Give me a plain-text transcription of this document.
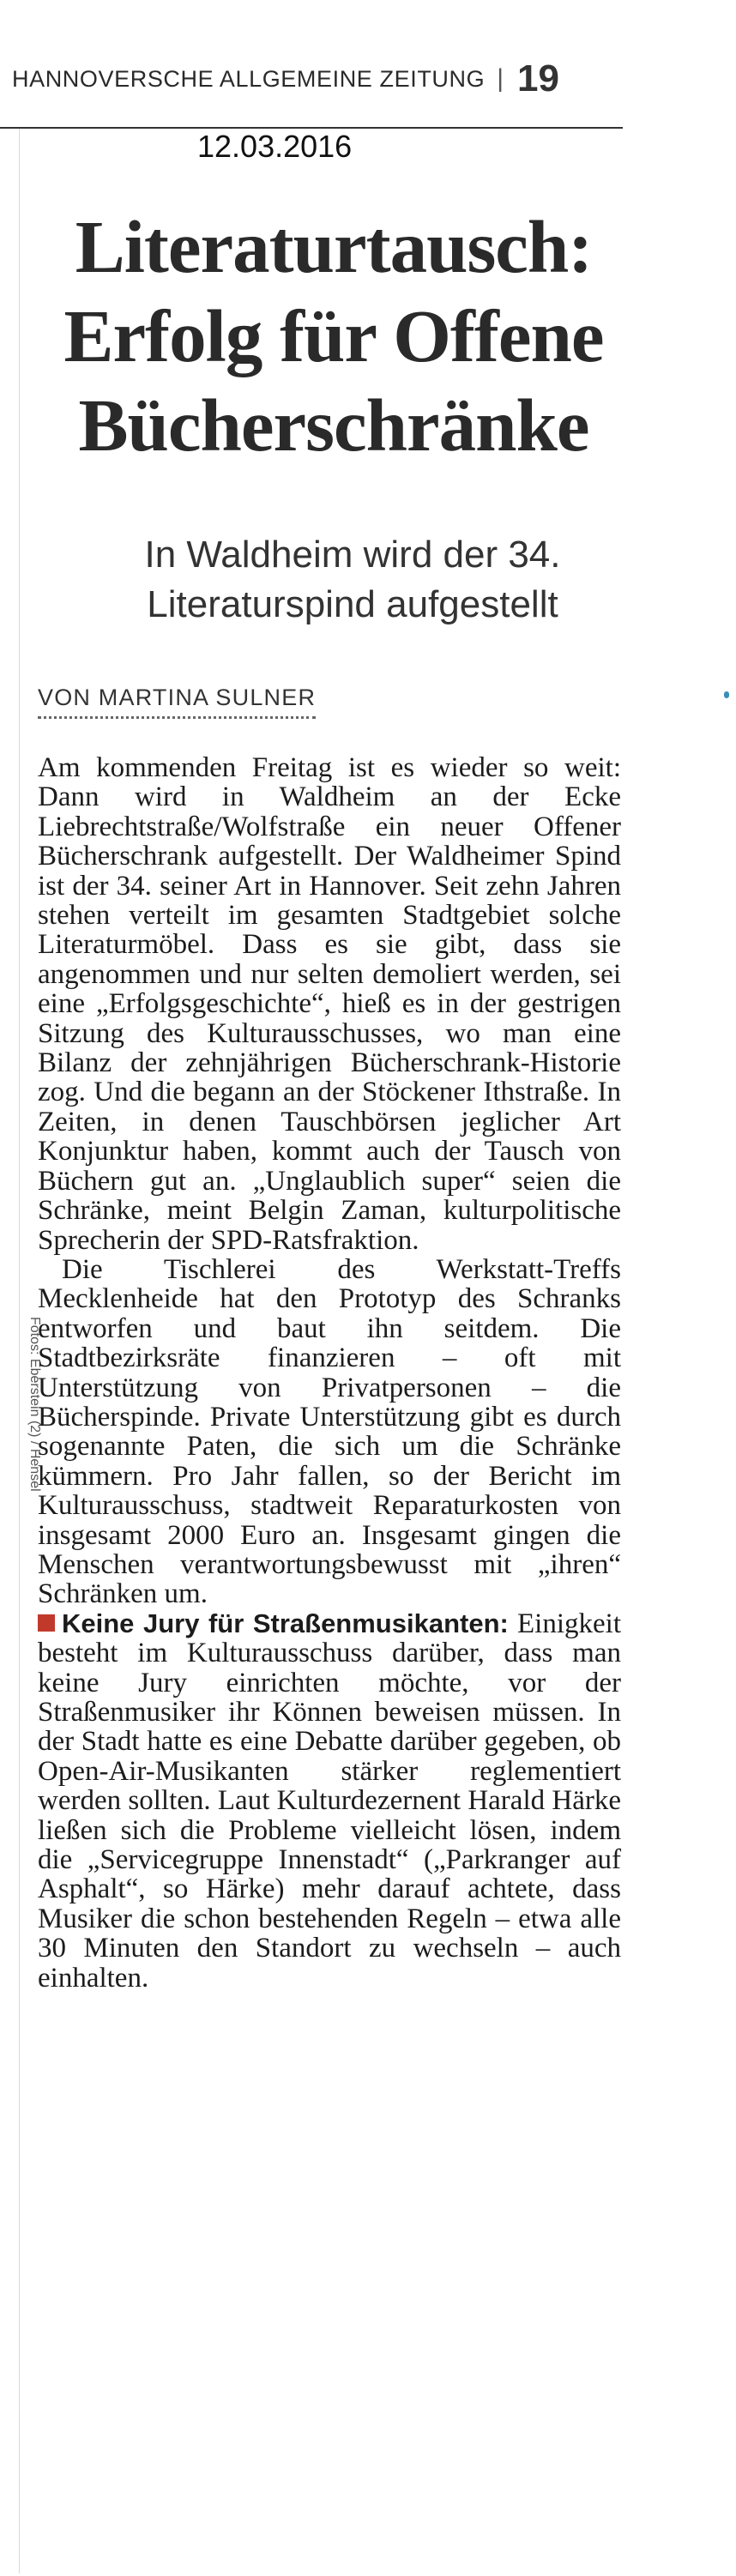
HANNOVERSCHE ALLGEMEINE ZEITUNG | 19
12.03.2016
Fotos: Eberstein (2) / Hensel
Literaturtausch: Erfolg für Offene Bücherschränke
In Waldheim wird der 34. Literaturspind aufgestellt
VON MARTINA SULNER

Am kommenden Freitag ist es wieder so weit: Dann wird in Waldheim an der Ecke Liebrechtstraße/Wolfstraße ein neuer Offener Bücherschrank aufgestellt. Der Waldheimer Spind ist der 34. seiner Art in Hannover. Seit zehn Jahren stehen verteilt im gesamten Stadtgebiet solche Literaturmöbel. Dass es sie gibt, dass sie angenommen und nur selten demoliert werden, sei eine „Erfolgsgeschichte“, hieß es in der gestrigen Sitzung des Kulturausschusses, wo man eine Bilanz der zehnjährigen Bücherschrank-Historie zog. Und die begann an der Stöckener Ithstraße. In Zeiten, in denen Tauschbörsen jeglicher Art Konjunktur haben, kommt auch der Tausch von Büchern gut an. „Unglaublich super“ seien die Schränke, meint Belgin Zaman, kulturpolitische Sprecherin der SPD-Ratsfraktion.

Die Tischlerei des Werkstatt-Treffs Mecklenheide hat den Prototyp des Schranks entworfen und baut ihn seitdem. Die Stadtbezirksräte finanzieren – oft mit Unterstützung von Privatpersonen – die Bücherspinde. Private Unterstützung gibt es durch sogenannte Paten, die sich um die Schränke kümmern. Pro Jahr fallen, so der Bericht im Kulturausschuss, stadtweit Reparaturkosten von insgesamt 2000 Euro an. Insgesamt gingen die Menschen verantwortungsbewusst mit „ihren“ Schränken um.

Keine Jury für Straßenmusikanten: Einigkeit besteht im Kulturausschuss darüber, dass man keine Jury einrichten möchte, vor der Straßenmusiker ihr Können beweisen müssen. In der Stadt hatte es eine Debatte darüber gegeben, ob Open-Air-Musikanten stärker reglementiert werden sollten. Laut Kulturdezernent Harald Härke ließen sich die Probleme vielleicht lösen, indem die „Servicegruppe Innenstadt“ („Parkranger auf Asphalt“, so Härke) mehr darauf achtete, dass Musiker die schon bestehenden Regeln – etwa alle 30 Minuten den Standort zu wechseln – auch einhalten.
